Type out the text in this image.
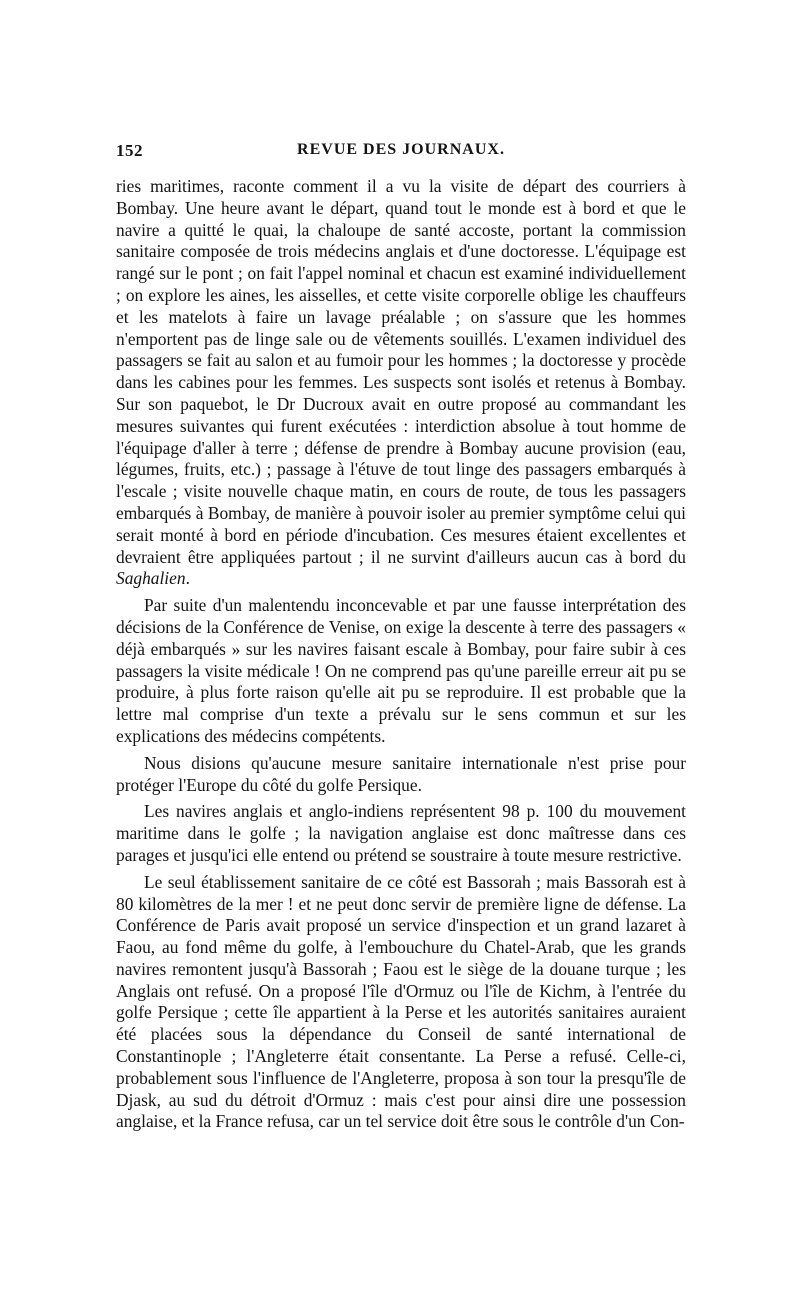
152	REVUE DES JOURNAUX.

ries maritimes, raconte comment il a vu la visite de départ des courriers à Bombay. Une heure avant le départ, quand tout le monde est à bord et que le navire a quitté le quai, la chaloupe de santé accoste, portant la commission sanitaire composée de trois médecins anglais et d'une doctoresse. L'équipage est rangé sur le pont ; on fait l'appel nominal et chacun est examiné individuellement ; on explore les aines, les aisselles, et cette visite corporelle oblige les chauffeurs et les matelots à faire un lavage préalable ; on s'assure que les hommes n'emportent pas de linge sale ou de vêtements souillés. L'examen individuel des passagers se fait au salon et au fumoir pour les hommes ; la doctoresse y procède dans les cabines pour les femmes. Les suspects sont isolés et retenus à Bombay. Sur son paquebot, le Dr Ducroux avait en outre proposé au commandant les mesures suivantes qui furent exécutées : interdiction absolue à tout homme de l'équipage d'aller à terre ; défense de prendre à Bombay aucune provision (eau, légumes, fruits, etc.) ; passage à l'étuve de tout linge des passagers embarqués à l'escale ; visite nouvelle chaque matin, en cours de route, de tous les passagers embarqués à Bombay, de manière à pouvoir isoler au premier symptôme celui qui serait monté à bord en période d'incubation. Ces mesures étaient excellentes et devraient être appliquées partout ; il ne survint d'ailleurs aucun cas à bord du Saghalien.

Par suite d'un malentendu inconcevable et par une fausse interprétation des décisions de la Conférence de Venise, on exige la descente à terre des passagers « déjà embarqués » sur les navires faisant escale à Bombay, pour faire subir à ces passagers la visite médicale ! On ne comprend pas qu'une pareille erreur ait pu se produire, à plus forte raison qu'elle ait pu se reproduire. Il est probable que la lettre mal comprise d'un texte a prévalu sur le sens commun et sur les explications des médecins compétents.

Nous disions qu'aucune mesure sanitaire internationale n'est prise pour protéger l'Europe du côté du golfe Persique.

Les navires anglais et anglo-indiens représentent 98 p. 100 du mouvement maritime dans le golfe ; la navigation anglaise est donc maîtresse dans ces parages et jusqu'ici elle entend ou prétend se soustraire à toute mesure restrictive.

Le seul établissement sanitaire de ce côté est Bassorah ; mais Bassorah est à 80 kilomètres de la mer ! et ne peut donc servir de première ligne de défense. La Conférence de Paris avait proposé un service d'inspection et un grand lazaret à Faou, au fond même du golfe, à l'embouchure du Chatel-Arab, que les grands navires remontent jusqu'à Bassorah ; Faou est le siège de la douane turque ; les Anglais ont refusé. On a proposé l'île d'Ormuz ou l'île de Kichm, à l'entrée du golfe Persique ; cette île appartient à la Perse et les autorités sanitaires auraient été placées sous la dépendance du Conseil de santé international de Constantinople ; l'Angleterre était consentante. La Perse a refusé. Celle-ci, probablement sous l'influence de l'Angleterre, proposa à son tour la presqu'île de Djask, au sud du détroit d'Ormuz : mais c'est pour ainsi dire une possession anglaise, et la France refusa, car un tel service doit être sous le contrôle d'un Con-
